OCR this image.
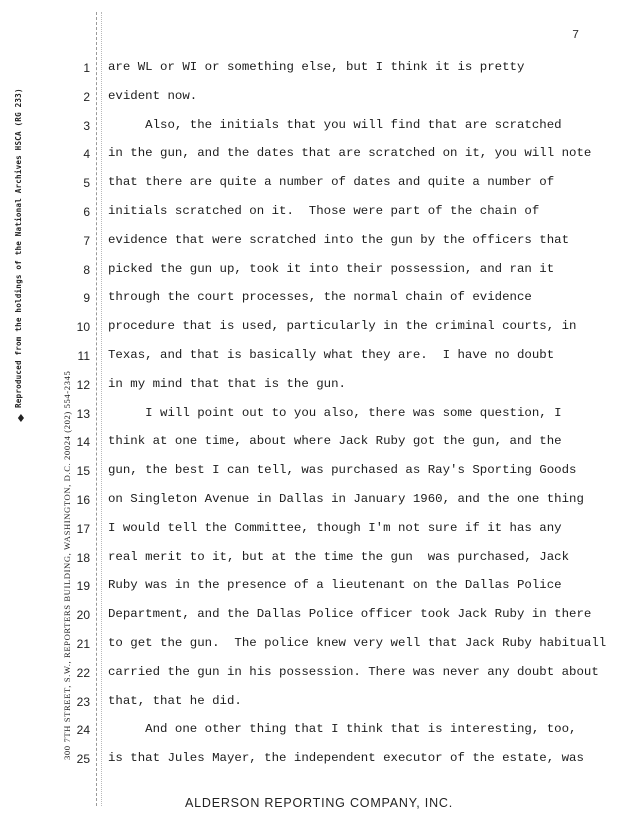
Reproduced from the holdings of the National Archives HSCA (RG 233)
♦	300 7TH STREET, S.W., REPORTERS BUILDING, WASHINGTON, D.C. 20024 (202) 554-2345
7
1 are WL or WI or something else, but I think it is pretty
2 evident now.
3 Also, the initials that you will find that are scratched
4 in the gun, and the dates that are scratched on it, you will note
5 that there are quite a number of dates and quite a number of
6 initials scratched on it.  Those were part of the chain of
7 evidence that were scratched into the gun by the officers that
8 picked the gun up, took it into their possession, and ran it
9 through the court processes, the normal chain of evidence
10 procedure that is used, particularly in the criminal courts, in
11 Texas, and that is basically what they are.  I have no doubt
12 in my mind that that is the gun.
13 I will point out to you also, there was some question, I
14 think at one time, about where Jack Ruby got the gun, and the
15 gun, the best I can tell, was purchased as Ray's Sporting Goods
16 on Singleton Avenue in Dallas in January 1960, and the one thing
17 I would tell the Committee, though I'm not sure if it has any
18 real merit to it, but at the time the gun  was purchased, Jack
19 Ruby was in the presence of a lieutenant on the Dallas Police
20 Department, and the Dallas Police officer took Jack Ruby in there
21 to get the gun.  The police knew very well that Jack Ruby habituall
22 carried the gun in his possession. There was never any doubt about
23 that, that he did.
24 And one other thing that I think that is interesting, too,
25 is that Jules Mayer, the independent executor of the estate, was
ALDERSON REPORTING COMPANY, INC.
